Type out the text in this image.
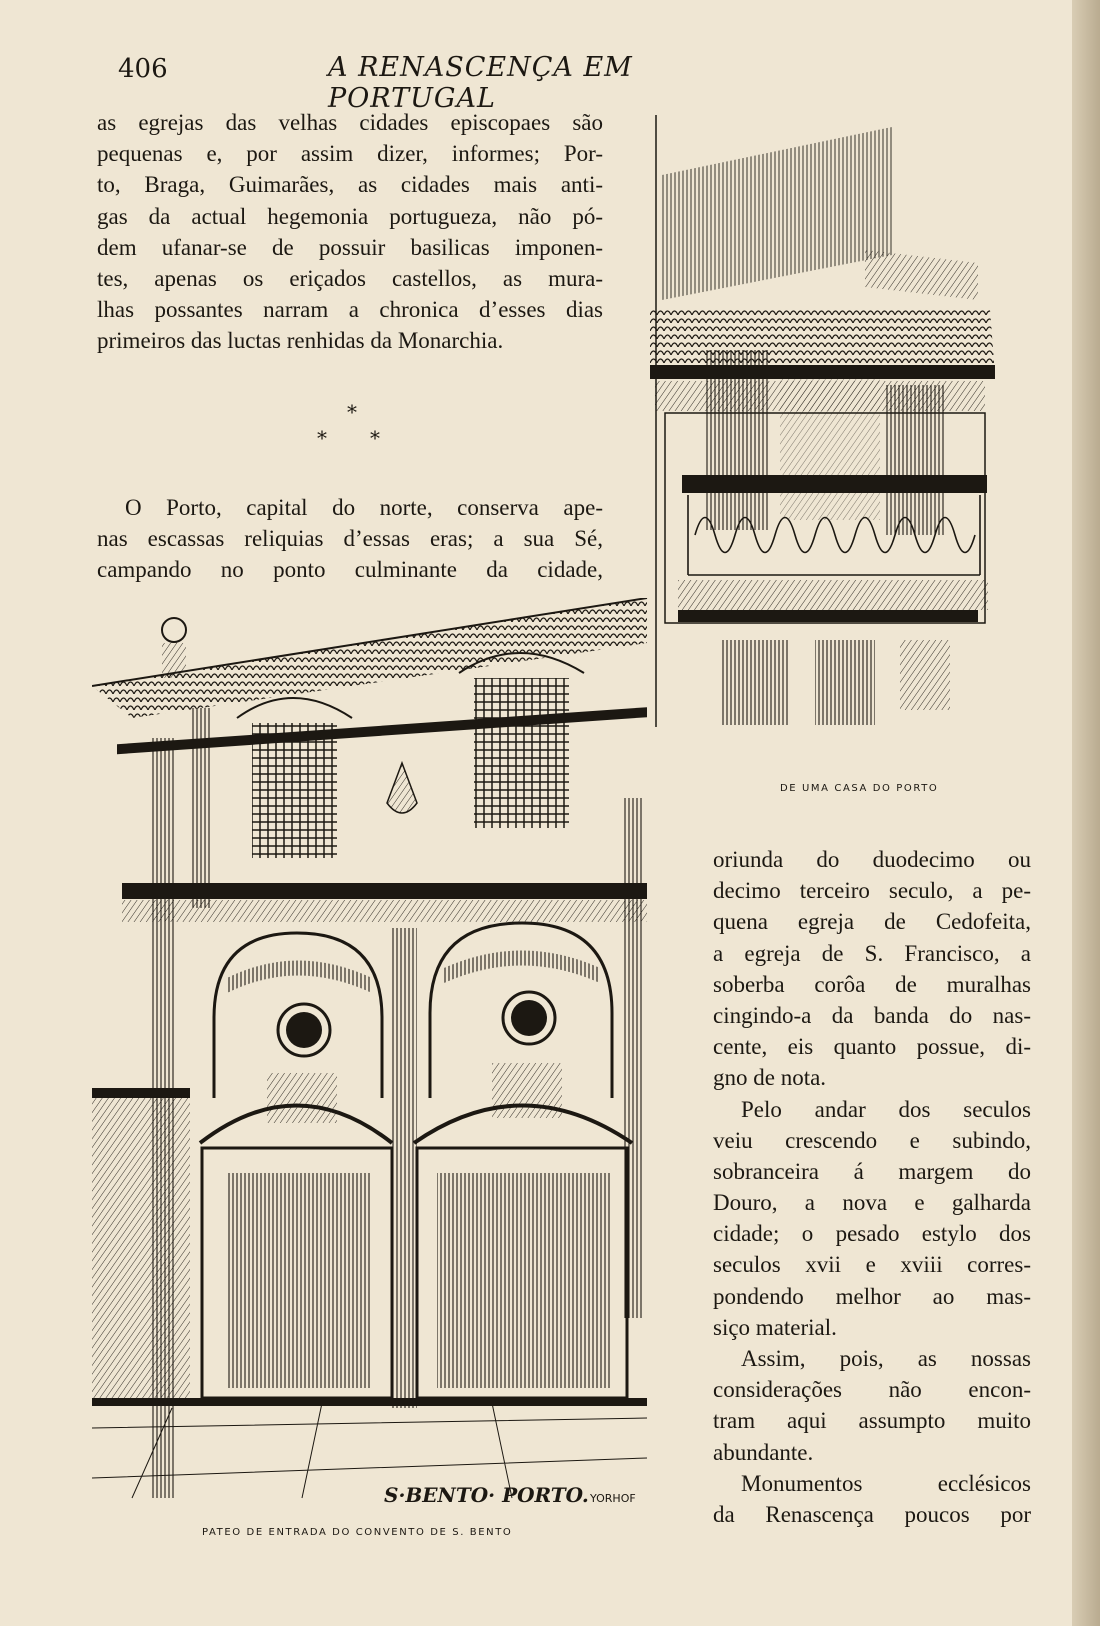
406	A RENASCENÇA EM PORTUGAL
as egrejas das velhas cidades episcopaes são
pequenas e, por assim dizer, informes; Por-
to, Braga, Guimarães, as cidades mais anti-
gas da actual hegemonia portugueza, não pó-
dem ufanar-se de possuir basilicas imponen-
tes, apenas os eriçados castellos, as mura-
lhas possantes narram a chronica d’esses dias
primeiros das luctas renhidas da Monarchia.
*
* *
O Porto, capital do norte, conserva ape-
nas escassas reliquias d’essas eras; a sua Sé,
campando no ponto culminante da cidade,
oriunda do duodecimo ou
decimo terceiro seculo, a pe-
quena egreja de Cedofeita,
a egreja de S. Francisco, a
soberba corôa de muralhas
cingindo-a da banda do nas-
cente, eis quanto possue, di-
gno de nota.
Pelo andar dos seculos
veiu crescendo e subindo,
sobranceira á margem do
Douro, a nova e galharda
cidade; o pesado estylo dos
seculos xvii e xviii corres-
pondendo melhor ao mas-
siço material.
Assim, pois, as nossas
considerações não encon-
tram aqui assumpto muito
abundante.
Monumentos ecclésicos
da Renascença poucos por
DE UMA CASA DO PORTO
S·BENTO· PORTO. YORHOF
PATEO DE ENTRADA DO CONVENTO DE S. BENTO
